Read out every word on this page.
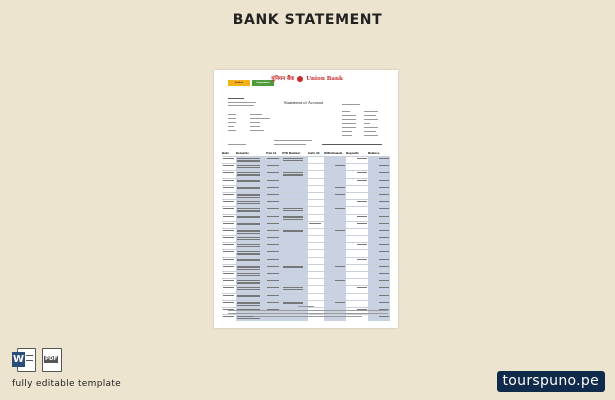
BANK STATEMENT
Andhra	Corporation
यूनियन बैंक Union Bank
Statement of Account
Date	Remarks	Tran Id	UTR Number	Instr. ID	Withdrawals	Deposits	Balance
W	PDF
fully editable template	tourspuno.pe
